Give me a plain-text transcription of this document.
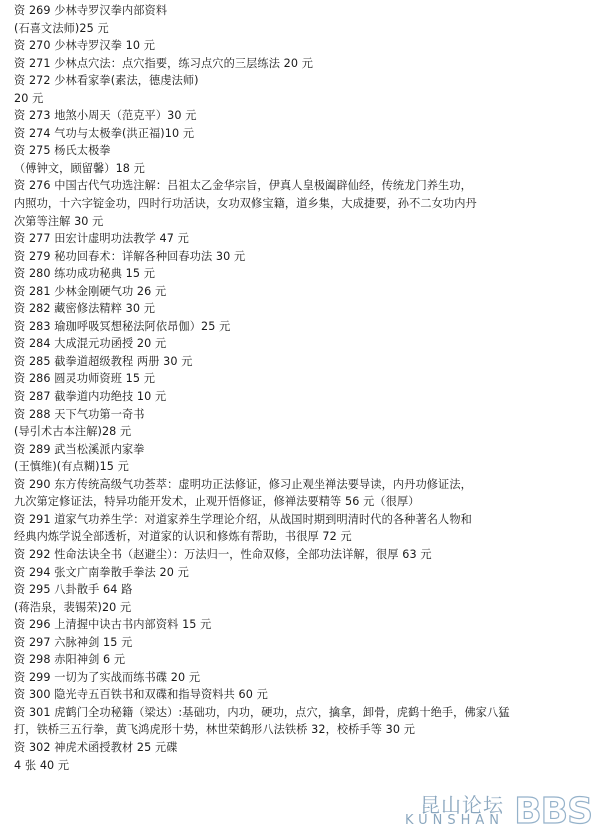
资 269 少林寺罗汉拳内部资料
(石喜文法师)25 元
资 270 少林寺罗汉拳 10 元
资 271 少林点穴法：点穴指要，练习点穴的三层练法 20 元
资 272 少林看家拳(素法，德虔法师)
20 元
资 273 地煞小周天（范克平）30 元
资 274 气功与太极拳(洪正福)10 元
资 275 杨氏太极拳
（傅钟文，顾留馨）18 元
资 276 中国古代气功选注解：吕祖太乙金华宗旨，伊真人皇极阖辟仙经，传统龙门养生功，
内照功，十六字锭金功，四时行功活诀，女功双修宝籍，道乡集，大成捷要，孙不二女功内丹
次第等注解 30 元
资 277 田宏计虚明功法教学 47 元
资 279 秘功回春术：详解各种回春功法 30 元
资 280 练功成功秘典 15 元
资 281 少林金刚硬气功 26 元
资 282 藏密修法精粹 30 元
资 283 瑜珈呼吸冥想秘法阿依昂伽）25 元
资 284 大成混元功函授 20 元
资 285 截拳道超级教程 两册 30 元
资 286 圆灵功师资班 15 元
资 287 截拳道内功绝技 10 元
资 288 天下气功第一奇书
(导引术古本注解)28 元
资 289 武当松溪派内家拳
(王慎维)(有点糊)15 元
资 290 东方传统高级气功荟萃：虚明功正法修证，修习止观坐禅法要导读，内丹功修证法，
九次第定修证法，特异功能开发术，止观开悟修证，修禅法要精等 56 元（很厚）
资 291 道家气功养生学：对道家养生学理论介绍，从战国时期到明清时代的各种著名人物和
经典内炼学说全部透析，对道家的认识和修炼有帮助，书很厚 72 元
资 292 性命法诀全书（赵避尘）：万法归一，性命双修，全部功法详解，很厚 63 元
资 294 张文广南拳散手拳法 20 元
资 295 八卦散手 64 路
(蒋浩泉，裴锡荣)20 元
资 296 上清握中诀古书内部资料 15 元
资 297 六脉神剑 15 元
资 298 赤阳神剑 6 元
资 299 一切为了实战而练书碟 20 元
资 300 隐光寺五百铁书和双碟和指导资料共 60 元
资 301 虎鹤门全功秘籍（梁达）:基础功，内功，硬功，点穴，擒拿，卸骨，虎鹤十绝手，佛家八猛
打，铁桥三五行拳，黄飞鸿虎形十势，林世荣鹤形八法铁桥 32，校桥手等 30 元
资 302 神虎术函授教材 25 元碟
4 张 40 元
昆山论坛
KUNSHAN BBS
